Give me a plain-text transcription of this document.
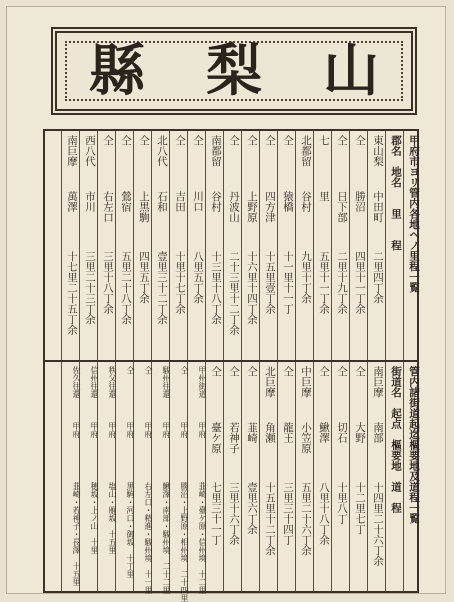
縣 梨 山
甲府市ヨリ管内各地ヘノ里程一覧
郡名　地名　　里　　程
東山梨
中田町
二里四丁余
仝
勝沼
四里十一丁余
仝
日下部
二里十九丁余
七
里
五里十一丁余
北都留
谷村
九里十丁余
仝
猿橋
十一里十一丁
仝
四方津
十五里壹丁余
仝
上野原
十六里十四丁余
仝
丹波山
二十三里十二丁余
南都留
谷村
十三里十八丁余
仝
川口
八里五丁余
仝
吉田
十里十七丁余
北八代
石和
壹里三十二丁余
仝
上黒駒
四里五丁余
仝
鶯宿
五里二十八丁余
仝
右左口
三里十八丁余
西八代
市川
三里二十三丁余
南巨摩
萬澤
十七里二十五丁余
管内諸街道起迄樞要地及道程一覧
街道名　起点　樞要地　道　程
南巨摩
南部
十四里二十六丁余
仝
大野
十二里七丁
仝
切石
十里八丁
仝
鰍澤
八里十八丁余
中巨摩
小笠原
五里二十六丁余
仝
龍王
三里三十四丁
北巨摩
角瀬
十五里十二丁余
仝
韮崎
壹里六丁余
仝
若神子
三里十六丁余
仝
臺ケ原
七里三十一丁
甲州街道
甲府
韮崎・臺ケ原・信州境　十二里
仝
甲府
勝沼・上野原・相州境　二十四里
駿州往還
甲府
鰍澤・南部・駿州境　二十二里
仝
甲府
右左口・精進・駿州境　十一里
仝
甲府
黒駒・河口・御坂　十丁里
秩父往還
甲府
塩山・雁坂　十五里
信州往還
甲府
穂坂・上ノ山　十里
佐久往還
甲府
韮崎・若神子・長澤　十五里
